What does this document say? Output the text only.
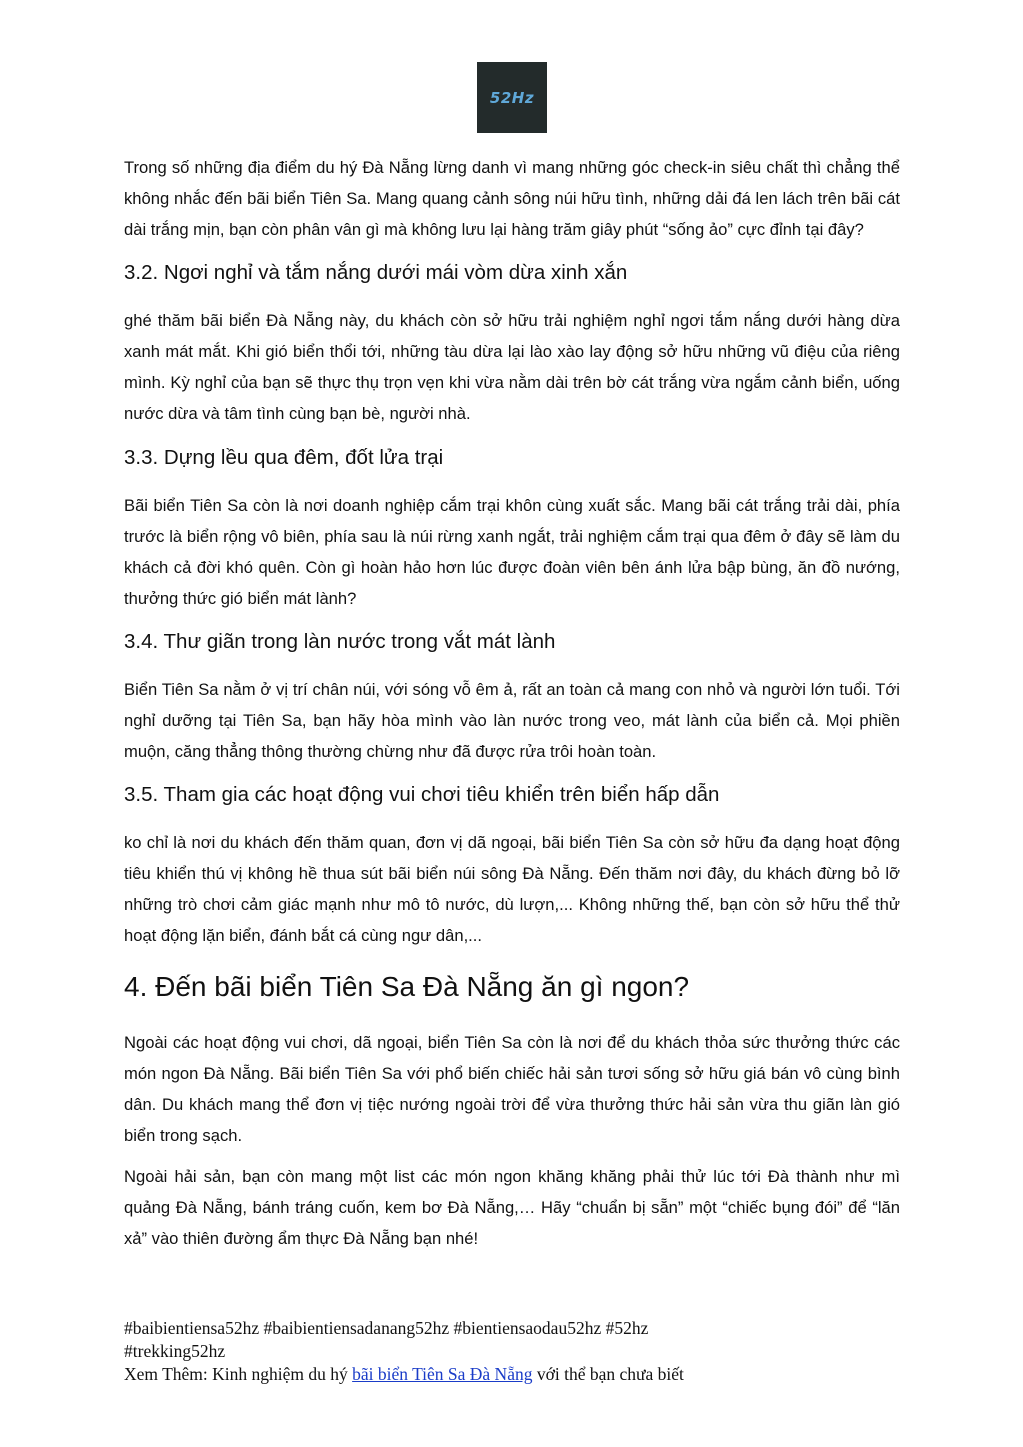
52Hz

Trong số những địa điểm du hý Đà Nẵng lừng danh vì mang những góc check-in siêu chất thì chẳng thể không nhắc đến bãi biển Tiên Sa. Mang quang cảnh sông núi hữu tình, những dải đá len lách trên bãi cát dài trắng mịn, bạn còn phân vân gì mà không lưu lại hàng trăm giây phút “sống ảo” cực đỉnh tại đây?

3.2. Ngơi nghỉ và tắm nắng dưới mái vòm dừa xinh xắn

ghé thăm bãi biển Đà Nẵng này, du khách còn sở hữu trải nghiệm nghỉ ngơi tắm nắng dưới hàng dừa xanh mát mắt. Khi gió biển thổi tới, những tàu dừa lại lào xào lay động sở hữu những vũ điệu của riêng mình. Kỳ nghỉ của bạn sẽ thực thụ trọn vẹn khi vừa nằm dài trên bờ cát trắng vừa ngắm cảnh biển, uống nước dừa và tâm tình cùng bạn bè, người nhà.

3.3. Dựng lều qua đêm, đốt lửa trại

Bãi biển Tiên Sa còn là nơi doanh nghiệp cắm trại khôn cùng xuất sắc. Mang bãi cát trắng trải dài, phía trước là biển rộng vô biên, phía sau là núi rừng xanh ngắt, trải nghiệm cắm trại qua đêm ở đây sẽ làm du khách cả đời khó quên. Còn gì hoàn hảo hơn lúc được đoàn viên bên ánh lửa bập bùng, ăn đồ nướng, thưởng thức gió biển mát lành?

3.4. Thư giãn trong làn nước trong vắt mát lành

Biển Tiên Sa nằm ở vị trí chân núi, với sóng vỗ êm ả, rất an toàn cả mang con nhỏ và người lớn tuổi. Tới nghỉ dưỡng tại Tiên Sa, bạn hãy hòa mình vào làn nước trong veo, mát lành của biển cả. Mọi phiền muộn, căng thẳng thông thường chừng như đã được rửa trôi hoàn toàn.

3.5. Tham gia các hoạt động vui chơi tiêu khiển trên biển hấp dẫn

ko chỉ là nơi du khách đến thăm quan, đơn vị dã ngoại, bãi biển Tiên Sa còn sở hữu đa dạng hoạt động tiêu khiển thú vị không hề thua sút bãi biển núi sông Đà Nẵng. Đến thăm nơi đây, du khách đừng bỏ lỡ những trò chơi cảm giác mạnh như mô tô nước, dù lượn,... Không những thế, bạn còn sở hữu thể thử hoạt động lặn biển, đánh bắt cá cùng ngư dân,...

4. Đến bãi biển Tiên Sa Đà Nẵng ăn gì ngon?

Ngoài các hoạt động vui chơi, dã ngoại, biển Tiên Sa còn là nơi để du khách thỏa sức thưởng thức các món ngon Đà Nẵng. Bãi biển Tiên Sa với phổ biến chiếc hải sản tươi sống sở hữu giá bán vô cùng bình dân. Du khách mang thể đơn vị tiệc nướng ngoài trời để vừa thưởng thức hải sản vừa thu giãn làn gió biển trong sạch.

Ngoài hải sản, bạn còn mang một list các món ngon khăng khăng phải thử lúc tới Đà thành như mì quảng Đà Nẵng, bánh tráng cuốn, kem bơ Đà Nẵng,… Hãy “chuẩn bị sẵn” một “chiếc bụng đói” để “lăn xả” vào thiên đường ẩm thực Đà Nẵng bạn nhé!

#baibientiensa52hz #baibientiensadanang52hz #bientiensaodau52hz #52hz
#trekking52hz
Xem Thêm: Kinh nghiệm du hý bãi biển Tiên Sa Đà Nẵng với thể bạn chưa biết
